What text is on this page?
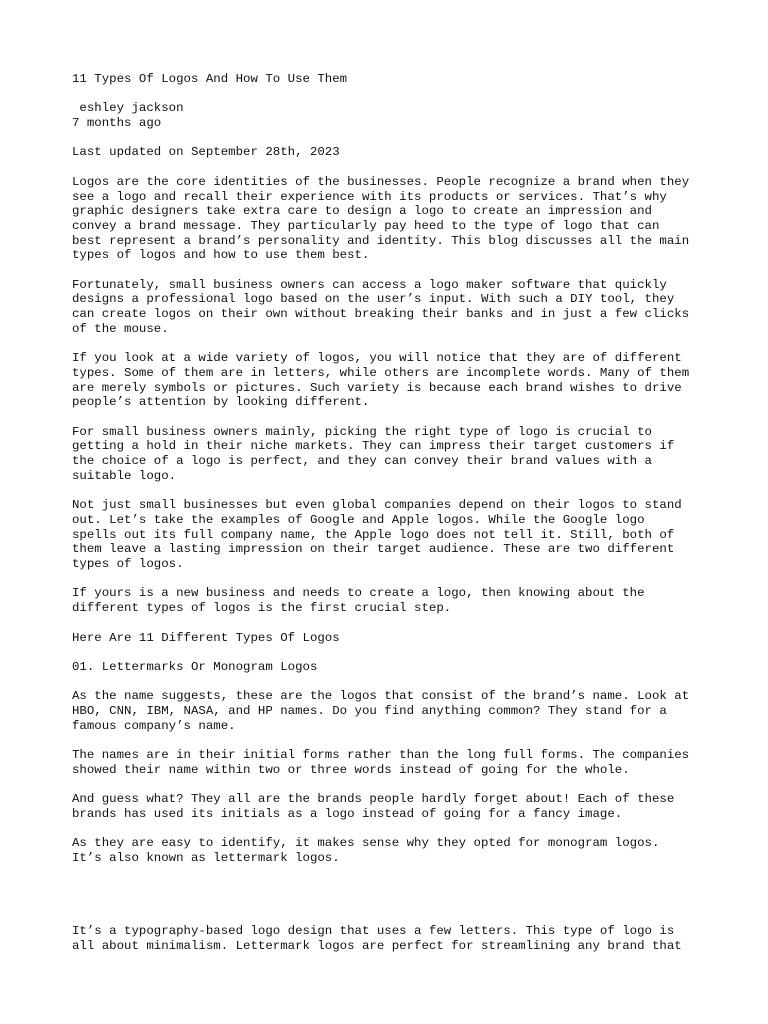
11 Types Of Logos And How To Use Them

eshley jackson

7 months ago

Last updated on September 28th, 2023

Logos are the core identities of the businesses. People recognize a brand when they
see a logo and recall their experience with its products or services. That’s why
graphic designers take extra care to design a logo to create an impression and
convey a brand message. They particularly pay heed to the type of logo that can
best represent a brand’s personality and identity. This blog discusses all the main
types of logos and how to use them best.

Fortunately, small business owners can access a logo maker software that quickly
designs a professional logo based on the user’s input. With such a DIY tool, they
can create logos on their own without breaking their banks and in just a few clicks
of the mouse.

If you look at a wide variety of logos, you will notice that they are of different
types. Some of them are in letters, while others are incomplete words. Many of them
are merely symbols or pictures. Such variety is because each brand wishes to drive
people’s attention by looking different.

For small business owners mainly, picking the right type of logo is crucial to
getting a hold in their niche markets. They can impress their target customers if
the choice of a logo is perfect, and they can convey their brand values with a
suitable logo.

Not just small businesses but even global companies depend on their logos to stand
out. Let’s take the examples of Google and Apple logos. While the Google logo
spells out its full company name, the Apple logo does not tell it. Still, both of
them leave a lasting impression on their target audience. These are two different
types of logos.

If yours is a new business and needs to create a logo, then knowing about the
different types of logos is the first crucial step.

Here Are 11 Different Types Of Logos

01. Lettermarks Or Monogram Logos

As the name suggests, these are the logos that consist of the brand’s name. Look at
HBO, CNN, IBM, NASA, and HP names. Do you find anything common? They stand for a
famous company’s name.

The names are in their initial forms rather than the long full forms. The companies
showed their name within two or three words instead of going for the whole.

And guess what? They all are the brands people hardly forget about! Each of these
brands has used its initials as a logo instead of going for a fancy image.

As they are easy to identify, it makes sense why they opted for monogram logos.
It’s also known as lettermark logos.

It’s a typography-based logo design that uses a few letters. This type of logo is
all about minimalism. Lettermark logos are perfect for streamlining any brand that
